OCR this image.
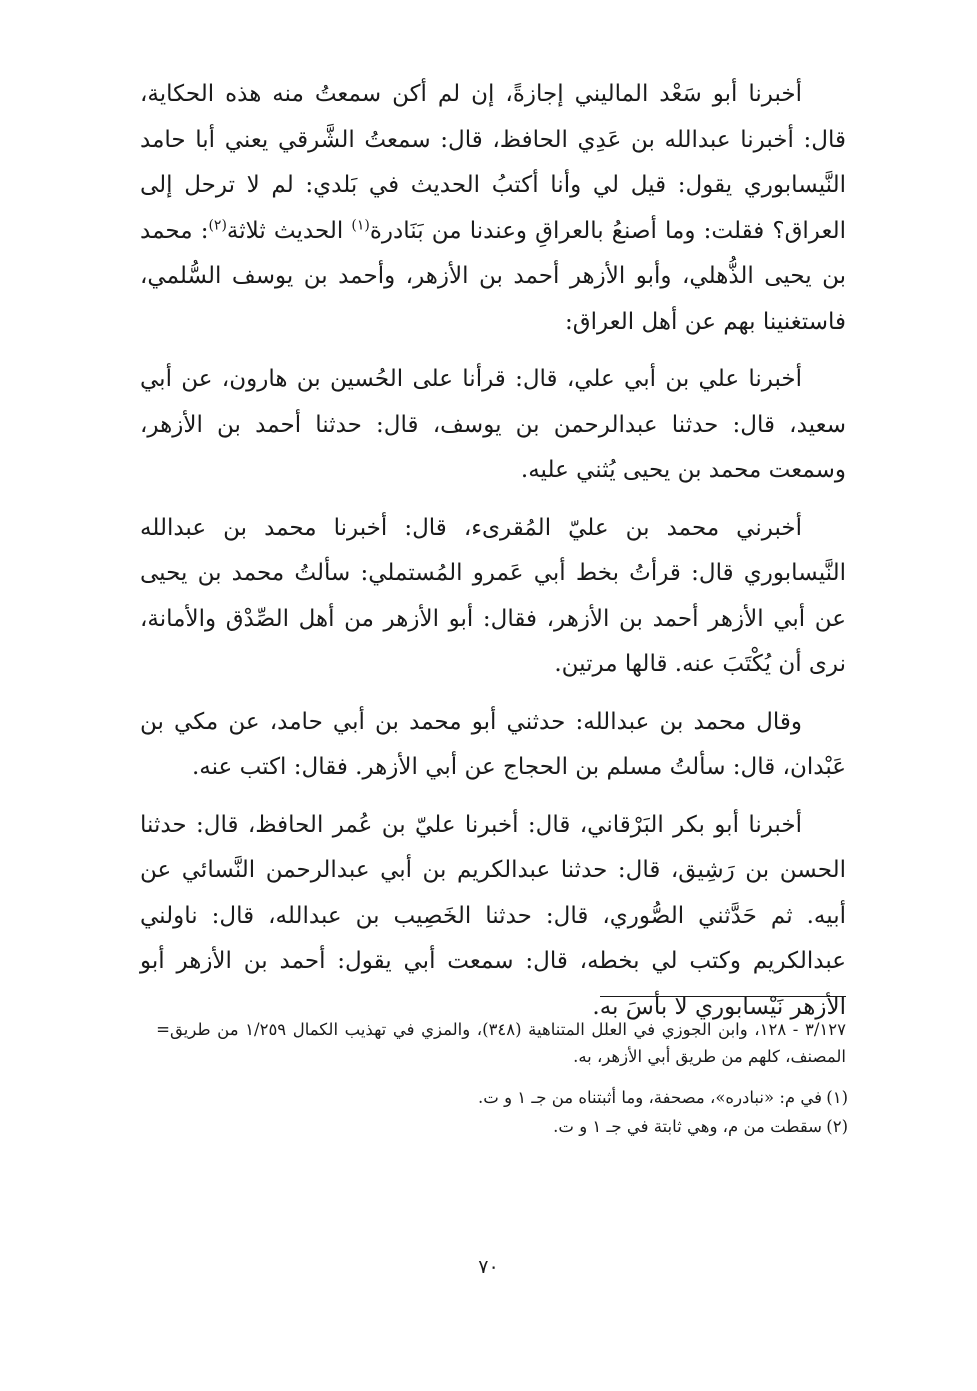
أخبرنا أبو سَعْد الماليني إجازةً، إن لم أكن سمعتُ منه هذه الحكاية، قال: أخبرنا عبدالله بن عَدِي الحافظ، قال: سمعتُ الشَّرقي يعني أبا حامد النَّيسابوري يقول: قيل لي وأنا أكتبُ الحديث في بَلدي: لم لا ترحل إلى العراق؟ فقلت: وما أصنعُ بالعراقِ وعندنا من بَنَادرة$^{(١)}$ الحديث ثلاثة$^{(٢)}$: محمد بن يحيى الذُّهلي، وأبو الأزهر أحمد بن الأزهر، وأحمد بن يوسف السُّلمي، فاستغنينا بهم عن أهل العراق:

أخبرنا علي بن أبي علي، قال: قرأنا على الحُسين بن هارون، عن أبي سعيد، قال: حدثنا عبدالرحمن بن يوسف، قال: حدثنا أحمد بن الأزهر، وسمعت محمد بن يحيى يُثني عليه.

أخبرني محمد بن عليّ المُقرىء، قال: أخبرنا محمد بن عبدالله النَّيسابوري قال: قرأتُ بخط أبي عَمرو المُستملي: سألتُ محمد بن يحيى عن أبي الأزهر أحمد بن الأزهر، فقال: أبو الأزهر من أهل الصِّدْق والأمانة، نرى أن يُكْتَبَ عنه. قالها مرتين.

وقال محمد بن عبدالله: حدثني أبو محمد بن أبي حامد، عن مكي بن عَبْدان، قال: سألتُ مسلم بن الحجاج عن أبي الأزهر. فقال: اكتب عنه.

أخبرنا أبو بكر البَرْقاني، قال: أخبرنا عليّ بن عُمر الحافظ، قال: حدثنا الحسن بن رَشِيق، قال: حدثنا عبدالكريم بن أبي عبدالرحمن النَّسائي عن أبيه. ثم حَدَّثني الصُّوري، قال: حدثنا الخَصِيب بن عبدالله، قال: ناولني عبدالكريم وكتب لي بخطه، قال: سمعت أبي يقول: أحمد بن الأزهر أبو الأزهر نَيْسابوري لا بأسَ به.

٣/١٢٧ - ١٢٨، وابن الجوزي في العلل المتناهية (٣٤٨)، والمزي في تهذيب الكمال ١/٢٥٩ من طريق المصنف، كلهم من طريق أبي الأزهر، به.
=
(١)
في م: «نبادره»، مصحفة، وما أثبتناه من جـ ١ و ت.
(٢)
سقطت من م، وهي ثابتة في جـ ١ و ت.
٧٠
